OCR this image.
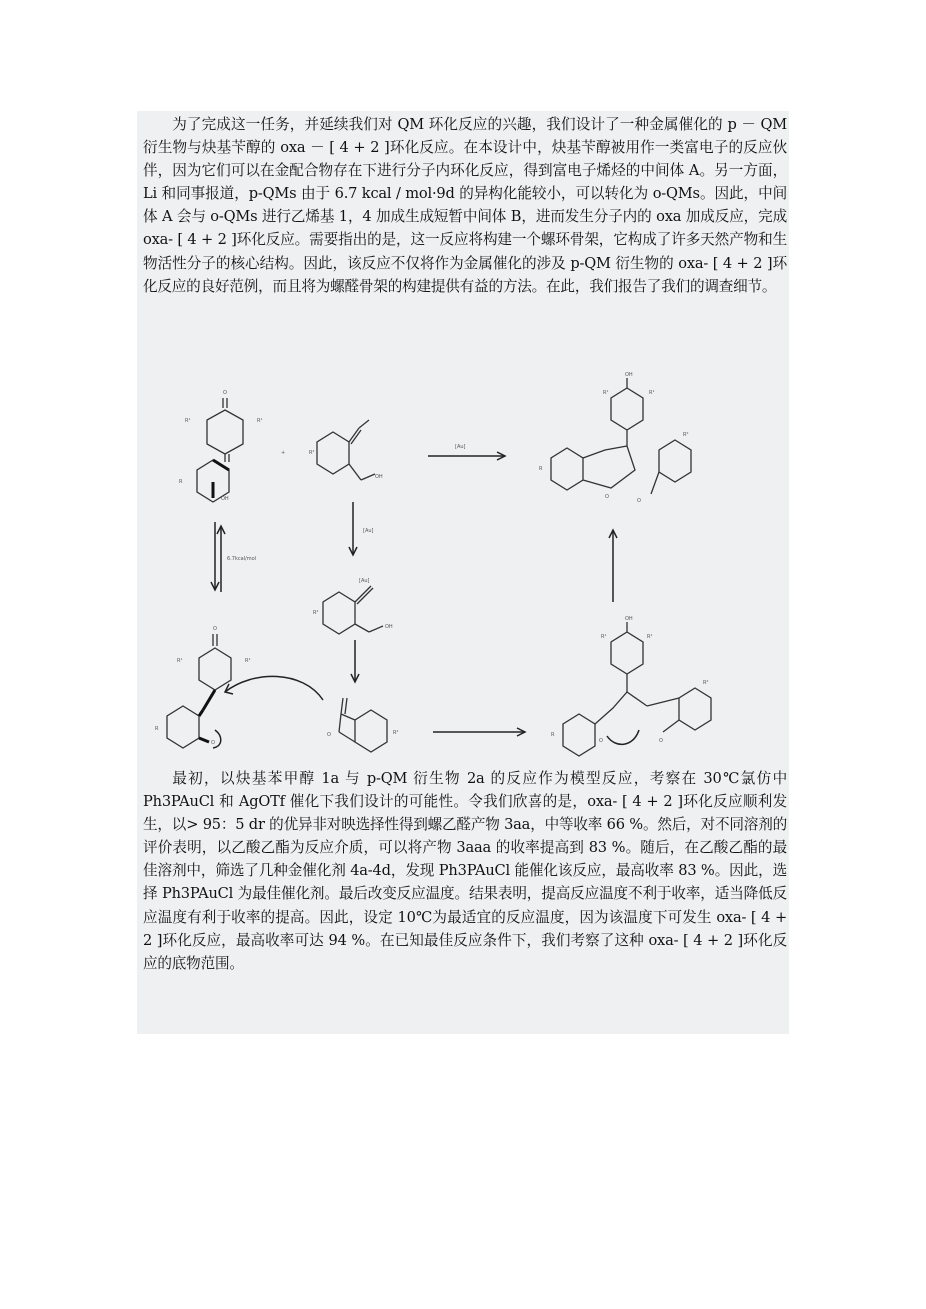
为了完成这一任务，并延续我们对 QM 环化反应的兴趣，我们设计了一种金属催化的 p － QM 衍生物与炔基苄醇的 oxa － [ 4 + 2 ]环化反应。在本设计中，炔基苄醇被用作一类富电子的反应伙伴，因为它们可以在金配合物存在下进行分子内环化反应，得到富电子烯烃的中间体 A。另一方面，Li 和同事报道，p-QMs 由于 6.7 kcal / mol·9d 的异构化能较小，可以转化为 o-QMs。因此，中间体 A 会与 o-QMs 进行乙烯基 1，4 加成生成短暂中间体 B，进而发生分子内的 oxa 加成反应，完成 oxa- [ 4 + 2 ]环化反应。需要指出的是，这一反应将构建一个螺环骨架，它构成了许多天然产物和生物活性分子的核心结构。因此，该反应不仅将作为金属催化的涉及 p-QM 衍生物的 oxa- [ 4 + 2 ]环化反应的良好范例，而且将为螺醛骨架的构建提供有益的方法。在此，我们报告了我们的调查细节。

O
R¹	R¹
R
OH
+	R²
OH
[Au]
OH
R¹	R¹
R
R²
O
O
6.7kcal/mol
[Au]
[Au]
R²
OH
O
R¹	R¹
R
O
O	R²
OH
R¹	R¹
R
R²
O
O

最初，以炔基苯甲醇 1a 与 p-QM 衍生物 2a 的反应作为模型反应，考察在 30℃氯仿中 Ph3PAuCl 和 AgOTf 催化下我们设计的可能性。令我们欣喜的是，oxa- [ 4 + 2 ]环化反应顺利发生，以> 95：5 dr 的优异非对映选择性得到螺乙醛产物 3aa，中等收率 66 %。然后，对不同溶剂的评价表明，以乙酸乙酯为反应介质，可以将产物 3aaa 的收率提高到 83 %。随后，在乙酸乙酯的最佳溶剂中，筛选了几种金催化剂 4a-4d，发现 Ph3PAuCl 能催化该反应，最高收率 83 %。因此，选择 Ph3PAuCl 为最佳催化剂。最后改变反应温度。结果表明，提高反应温度不利于收率，适当降低反应温度有利于收率的提高。因此，设定 10℃为最适宜的反应温度，因为该温度下可发生 oxa- [ 4 + 2 ]环化反应，最高收率可达 94 %。在已知最佳反应条件下，我们考察了这种 oxa- [ 4 + 2 ]环化反应的底物范围。
